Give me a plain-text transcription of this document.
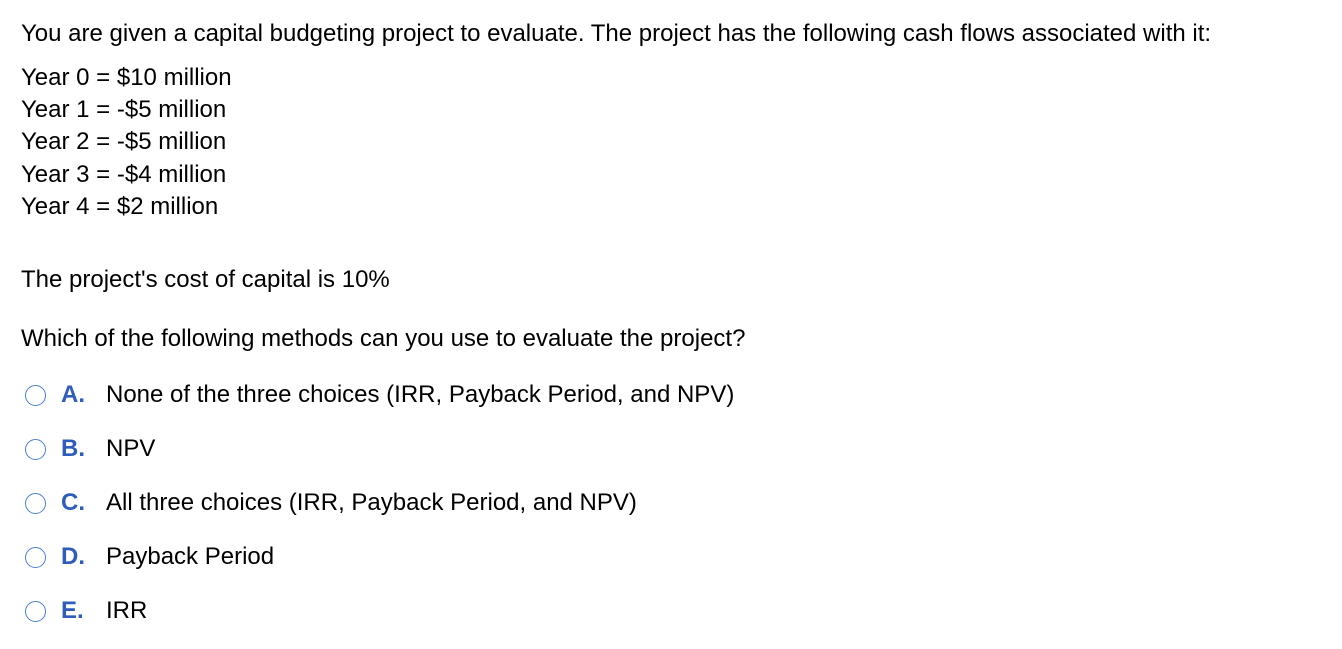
You are given a capital budgeting project to evaluate. The project has the following cash flows associated with it:

Year 0 = $10 million
Year 1 = -$5 million
Year 2 = -$5 million
Year 3 = -$4 million
Year 4 = $2 million
The project's cost of capital is 10%
Which of the following methods can you use to evaluate the project?
A. None of the three choices (IRR, Payback Period, and NPV)
B. NPV
C. All three choices (IRR, Payback Period, and NPV)
D. Payback Period
E. IRR
